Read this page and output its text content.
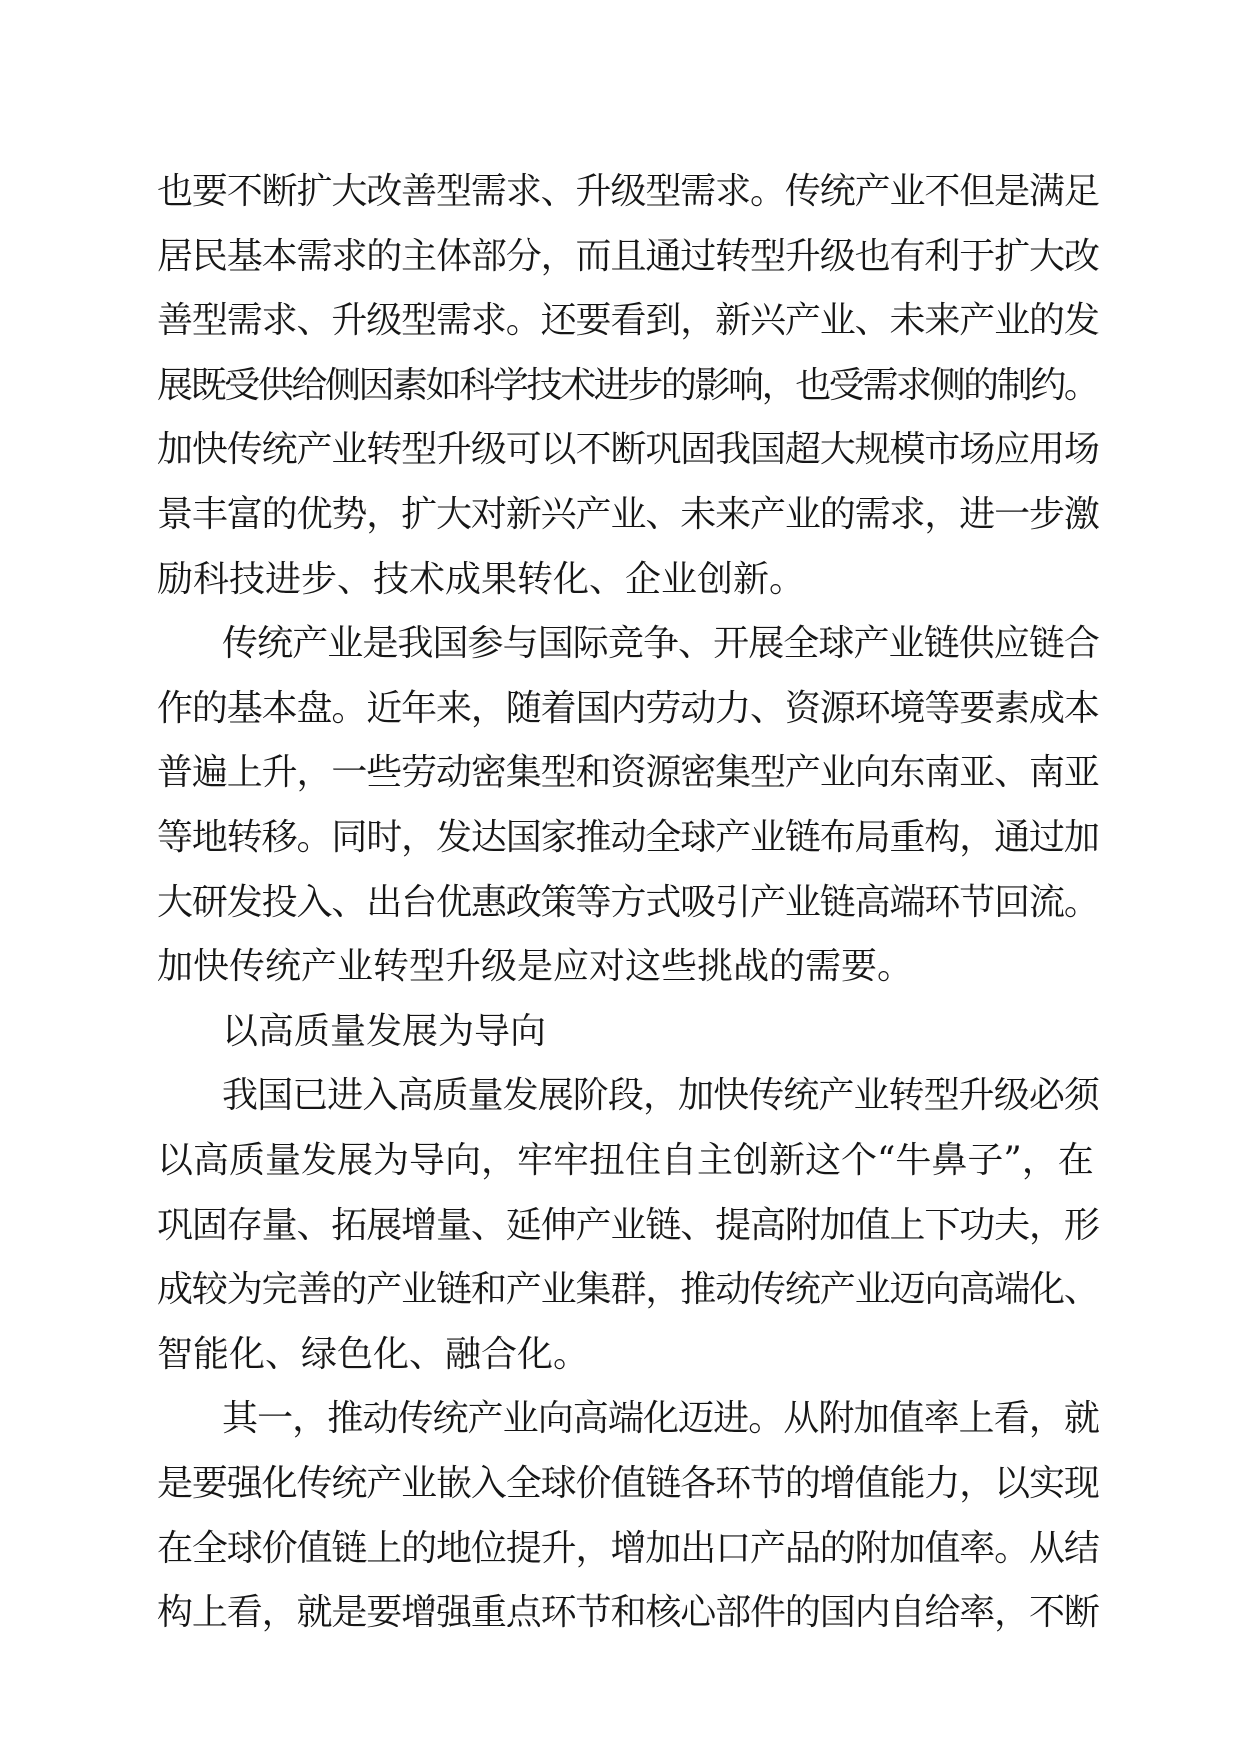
也要不断扩大改善型需求、升级型需求。传统产业不但是满足
居民基本需求的主体部分，而且通过转型升级也有利于扩大改
善型需求、升级型需求。还要看到，新兴产业、未来产业的发
展既受供给侧因素如科学技术进步的影响，也受需求侧的制约。
加快传统产业转型升级可以不断巩固我国超大规模市场应用场
景丰富的优势，扩大对新兴产业、未来产业的需求，进一步激
励科技进步、技术成果转化、企业创新。
传统产业是我国参与国际竞争、开展全球产业链供应链合
作的基本盘。近年来，随着国内劳动力、资源环境等要素成本
普遍上升，一些劳动密集型和资源密集型产业向东南亚、南亚
等地转移。同时，发达国家推动全球产业链布局重构，通过加
大研发投入、出台优惠政策等方式吸引产业链高端环节回流。
加快传统产业转型升级是应对这些挑战的需要。
以高质量发展为导向
我国已进入高质量发展阶段，加快传统产业转型升级必须
以高质量发展为导向，牢牢扭住自主创新这个“牛鼻子”，在
巩固存量、拓展增量、延伸产业链、提高附加值上下功夫，形
成较为完善的产业链和产业集群，推动传统产业迈向高端化、
智能化、绿色化、融合化。
其一，推动传统产业向高端化迈进。从附加值率上看，就
是要强化传统产业嵌入全球价值链各环节的增值能力，以实现
在全球价值链上的地位提升，增加出口产品的附加值率。从结
构上看，就是要增强重点环节和核心部件的国内自给率，不断
